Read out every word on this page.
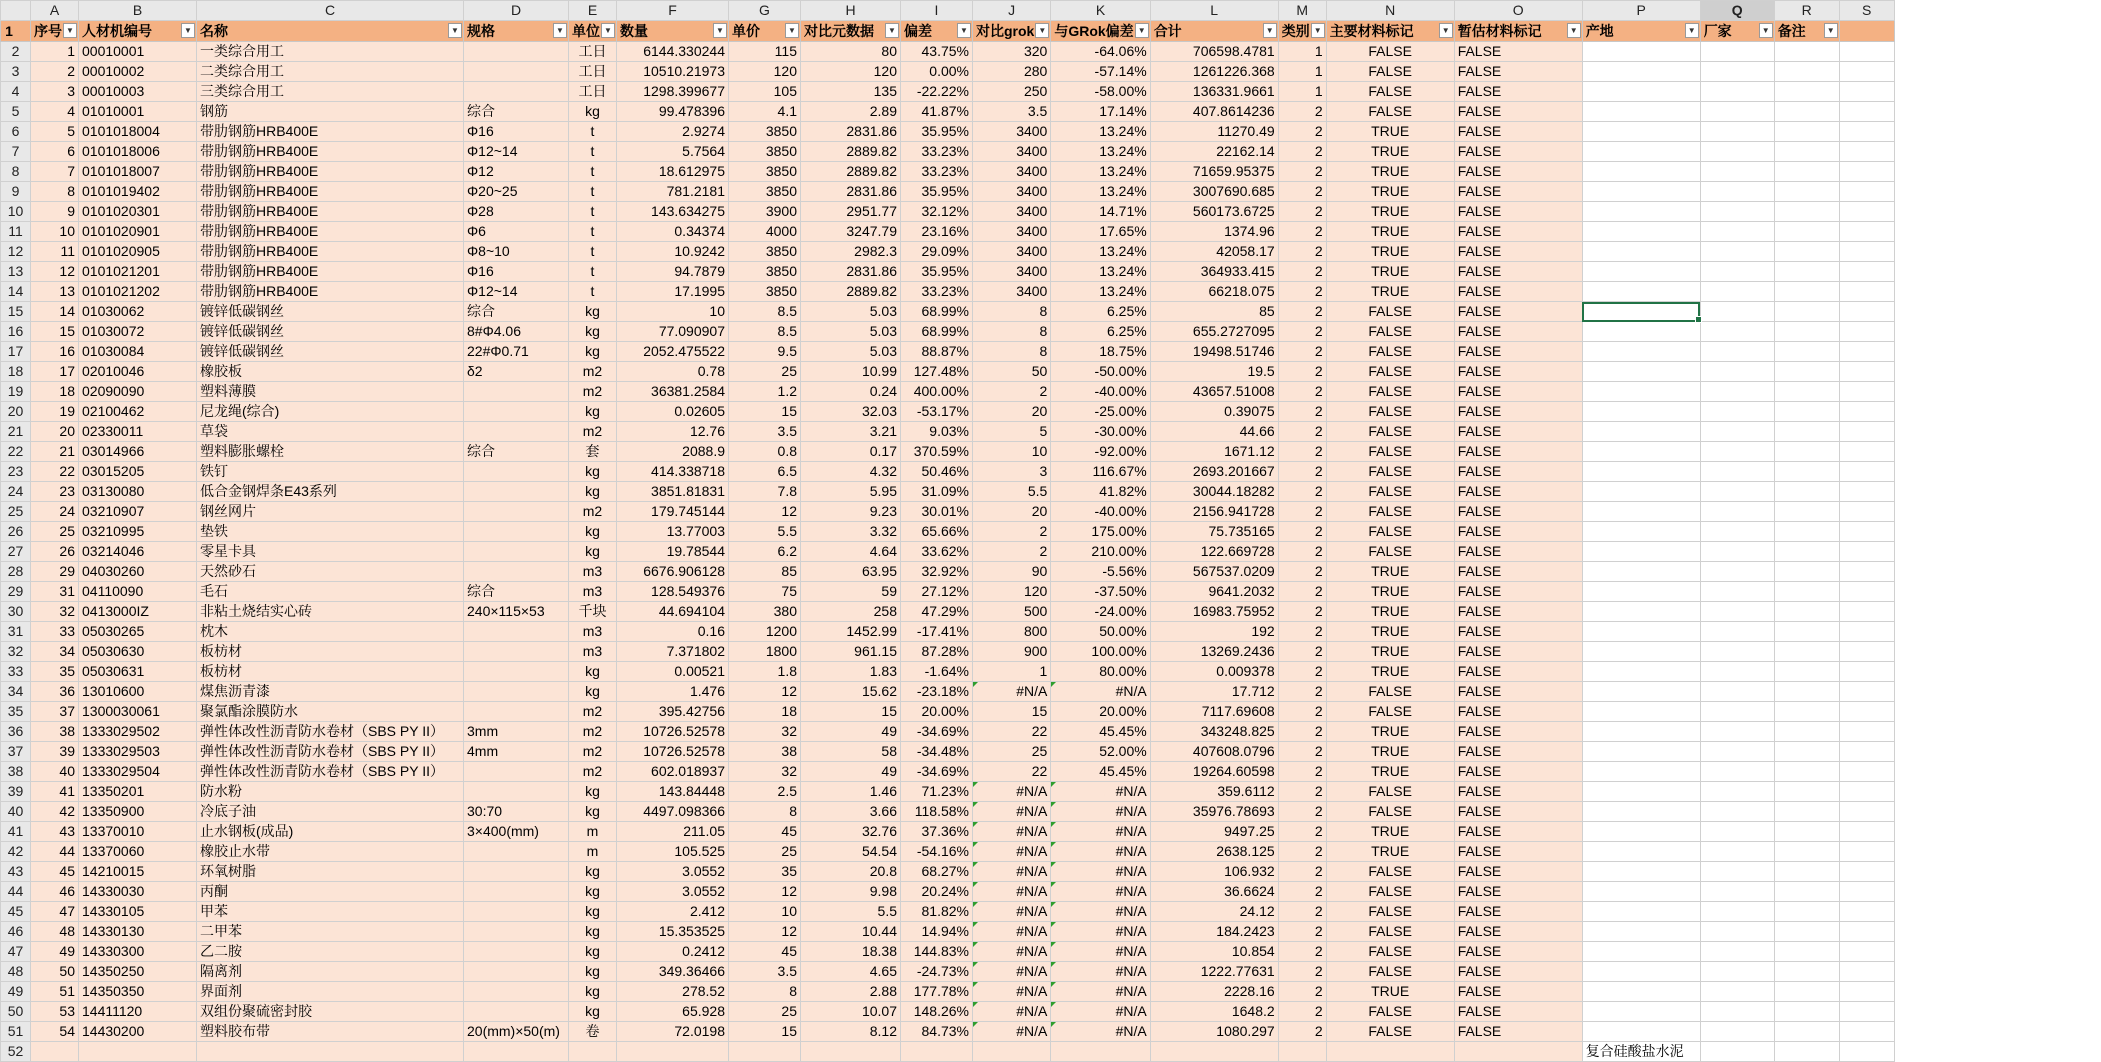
	A	B	C	D	E	F	G	H	I	J	K	L	M	N	O	P	Q	R	S
1	序号 ▼	人材机编号 ▼	名称 ▼	规格 ▼	单位 ▼	数量 ▼	单价 ▼	对比元数据 ▼	偏差 ▼	对比grok ▼	与GRok偏差 ▼	合计 ▼	类别 ▼	主要材料标记 ▼	暂估材料标记 ▼	产地 ▼	厂家 ▼	备注 ▼	

2	1	00010001	一类综合用工		工日	6144.330244	115	80	43.75%	320	-64.06%	706598.4781	1	FALSE	FALSE				
3	2	00010002	二类综合用工		工日	10510.21973	120	120	0.00%	280	-57.14%	1261226.368	1	FALSE	FALSE				
4	3	00010003	三类综合用工		工日	1298.399677	105	135	-22.22%	250	-58.00%	136331.9661	1	FALSE	FALSE				
5	4	01010001	钢筋	综合	kg	99.478396	4.1	2.89	41.87%	3.5	17.14%	407.8614236	2	FALSE	FALSE				
6	5	0101018004	带肋钢筋HRB400E	Φ16	t	2.9274	3850	2831.86	35.95%	3400	13.24%	11270.49	2	TRUE	FALSE				
7	6	0101018006	带肋钢筋HRB400E	Φ12~14	t	5.7564	3850	2889.82	33.23%	3400	13.24%	22162.14	2	TRUE	FALSE				
8	7	0101018007	带肋钢筋HRB400E	Φ12	t	18.612975	3850	2889.82	33.23%	3400	13.24%	71659.95375	2	TRUE	FALSE				
9	8	0101019402	带肋钢筋HRB400E	Φ20~25	t	781.2181	3850	2831.86	35.95%	3400	13.24%	3007690.685	2	TRUE	FALSE				
10	9	0101020301	带肋钢筋HRB400E	Φ28	t	143.634275	3900	2951.77	32.12%	3400	14.71%	560173.6725	2	TRUE	FALSE				
11	10	0101020901	带肋钢筋HRB400E	Φ6	t	0.34374	4000	3247.79	23.16%	3400	17.65%	1374.96	2	TRUE	FALSE				
12	11	0101020905	带肋钢筋HRB400E	Φ8~10	t	10.9242	3850	2982.3	29.09%	3400	13.24%	42058.17	2	TRUE	FALSE				
13	12	0101021201	带肋钢筋HRB400E	Φ16	t	94.7879	3850	2831.86	35.95%	3400	13.24%	364933.415	2	TRUE	FALSE				
14	13	0101021202	带肋钢筋HRB400E	Φ12~14	t	17.1995	3850	2889.82	33.23%	3400	13.24%	66218.075	2	TRUE	FALSE				
15	14	01030062	镀锌低碳钢丝	综合	kg	10	8.5	5.03	68.99%	8	6.25%	85	2	FALSE	FALSE				
16	15	01030072	镀锌低碳钢丝	8#Φ4.06	kg	77.090907	8.5	5.03	68.99%	8	6.25%	655.2727095	2	FALSE	FALSE				
17	16	01030084	镀锌低碳钢丝	22#Φ0.71	kg	2052.475522	9.5	5.03	88.87%	8	18.75%	19498.51746	2	FALSE	FALSE				
18	17	02010046	橡胶板	δ2	m2	0.78	25	10.99	127.48%	50	-50.00%	19.5	2	FALSE	FALSE				
19	18	02090090	塑料薄膜		m2	36381.2584	1.2	0.24	400.00%	2	-40.00%	43657.51008	2	FALSE	FALSE				
20	19	02100462	尼龙绳(综合)		kg	0.02605	15	32.03	-53.17%	20	-25.00%	0.39075	2	FALSE	FALSE				
21	20	02330011	草袋		m2	12.76	3.5	3.21	9.03%	5	-30.00%	44.66	2	FALSE	FALSE				
22	21	03014966	塑料膨胀螺栓	综合	套	2088.9	0.8	0.17	370.59%	10	-92.00%	1671.12	2	FALSE	FALSE				
23	22	03015205	铁钉		kg	414.338718	6.5	4.32	50.46%	3	116.67%	2693.201667	2	FALSE	FALSE				
24	23	03130080	低合金钢焊条E43系列		kg	3851.81831	7.8	5.95	31.09%	5.5	41.82%	30044.18282	2	FALSE	FALSE				
25	24	03210907	钢丝网片		m2	179.745144	12	9.23	30.01%	20	-40.00%	2156.941728	2	FALSE	FALSE				
26	25	03210995	垫铁		kg	13.77003	5.5	3.32	65.66%	2	175.00%	75.735165	2	FALSE	FALSE				
27	26	03214046	零星卡具		kg	19.78544	6.2	4.64	33.62%	2	210.00%	122.669728	2	FALSE	FALSE				
28	29	04030260	天然砂石		m3	6676.906128	85	63.95	32.92%	90	-5.56%	567537.0209	2	TRUE	FALSE				
29	31	04110090	毛石	综合	m3	128.549376	75	59	27.12%	120	-37.50%	9641.2032	2	TRUE	FALSE				
30	32	0413000IZ	非粘土烧结实心砖	240×115×53	千块	44.694104	380	258	47.29%	500	-24.00%	16983.75952	2	TRUE	FALSE				
31	33	05030265	枕木		m3	0.16	1200	1452.99	-17.41%	800	50.00%	192	2	TRUE	FALSE				
32	34	05030630	板枋材		m3	7.371802	1800	961.15	87.28%	900	100.00%	13269.2436	2	TRUE	FALSE				
33	35	05030631	板枋材		kg	0.00521	1.8	1.83	-1.64%	1	80.00%	0.009378	2	TRUE	FALSE				
34	36	13010600	煤焦沥青漆		kg	1.476	12	15.62	-23.18%	#N/A	#N/A	17.712	2	FALSE	FALSE				
35	37	1300030061	聚氯酯涂膜防水		m2	395.42756	18	15	20.00%	15	20.00%	7117.69608	2	FALSE	FALSE				
36	38	1333029502	弹性体改性沥青防水卷材（SBS PY II）	3mm	m2	10726.52578	32	49	-34.69%	22	45.45%	343248.825	2	TRUE	FALSE				
37	39	1333029503	弹性体改性沥青防水卷材（SBS PY II）	4mm	m2	10726.52578	38	58	-34.48%	25	52.00%	407608.0796	2	TRUE	FALSE				
38	40	1333029504	弹性体改性沥青防水卷材（SBS PY II）		m2	602.018937	32	49	-34.69%	22	45.45%	19264.60598	2	TRUE	FALSE				
39	41	13350201	防水粉		kg	143.84448	2.5	1.46	71.23%	#N/A	#N/A	359.6112	2	FALSE	FALSE				
40	42	13350900	冷底子油	30:70	kg	4497.098366	8	3.66	118.58%	#N/A	#N/A	35976.78693	2	FALSE	FALSE				
41	43	13370010	止水钢板(成品)	3×400(mm)	m	211.05	45	32.76	37.36%	#N/A	#N/A	9497.25	2	TRUE	FALSE				
42	44	13370060	橡胶止水带		m	105.525	25	54.54	-54.16%	#N/A	#N/A	2638.125	2	TRUE	FALSE				
43	45	14210015	环氧树脂		kg	3.0552	35	20.8	68.27%	#N/A	#N/A	106.932	2	FALSE	FALSE				
44	46	14330030	丙酮		kg	3.0552	12	9.98	20.24%	#N/A	#N/A	36.6624	2	FALSE	FALSE				
45	47	14330105	甲苯		kg	2.412	10	5.5	81.82%	#N/A	#N/A	24.12	2	FALSE	FALSE				
46	48	14330130	二甲苯		kg	15.353525	12	10.44	14.94%	#N/A	#N/A	184.2423	2	FALSE	FALSE				
47	49	14330300	乙二胺		kg	0.2412	45	18.38	144.83%	#N/A	#N/A	10.854	2	FALSE	FALSE				
48	50	14350250	隔离剂		kg	349.36466	3.5	4.65	-24.73%	#N/A	#N/A	1222.77631	2	FALSE	FALSE				
49	51	14350350	界面剂		kg	278.52	8	2.88	177.78%	#N/A	#N/A	2228.16	2	TRUE	FALSE				
50	53	14411120	双组份聚硫密封胶		kg	65.928	25	10.07	148.26%	#N/A	#N/A	1648.2	2	FALSE	FALSE				
51	54	14430200	塑料胶布带	20(mm)×50(m)	卷	72.0198	15	8.12	84.73%	#N/A	#N/A	1080.297	2	FALSE	FALSE				
52																复合硅酸盐水泥			
